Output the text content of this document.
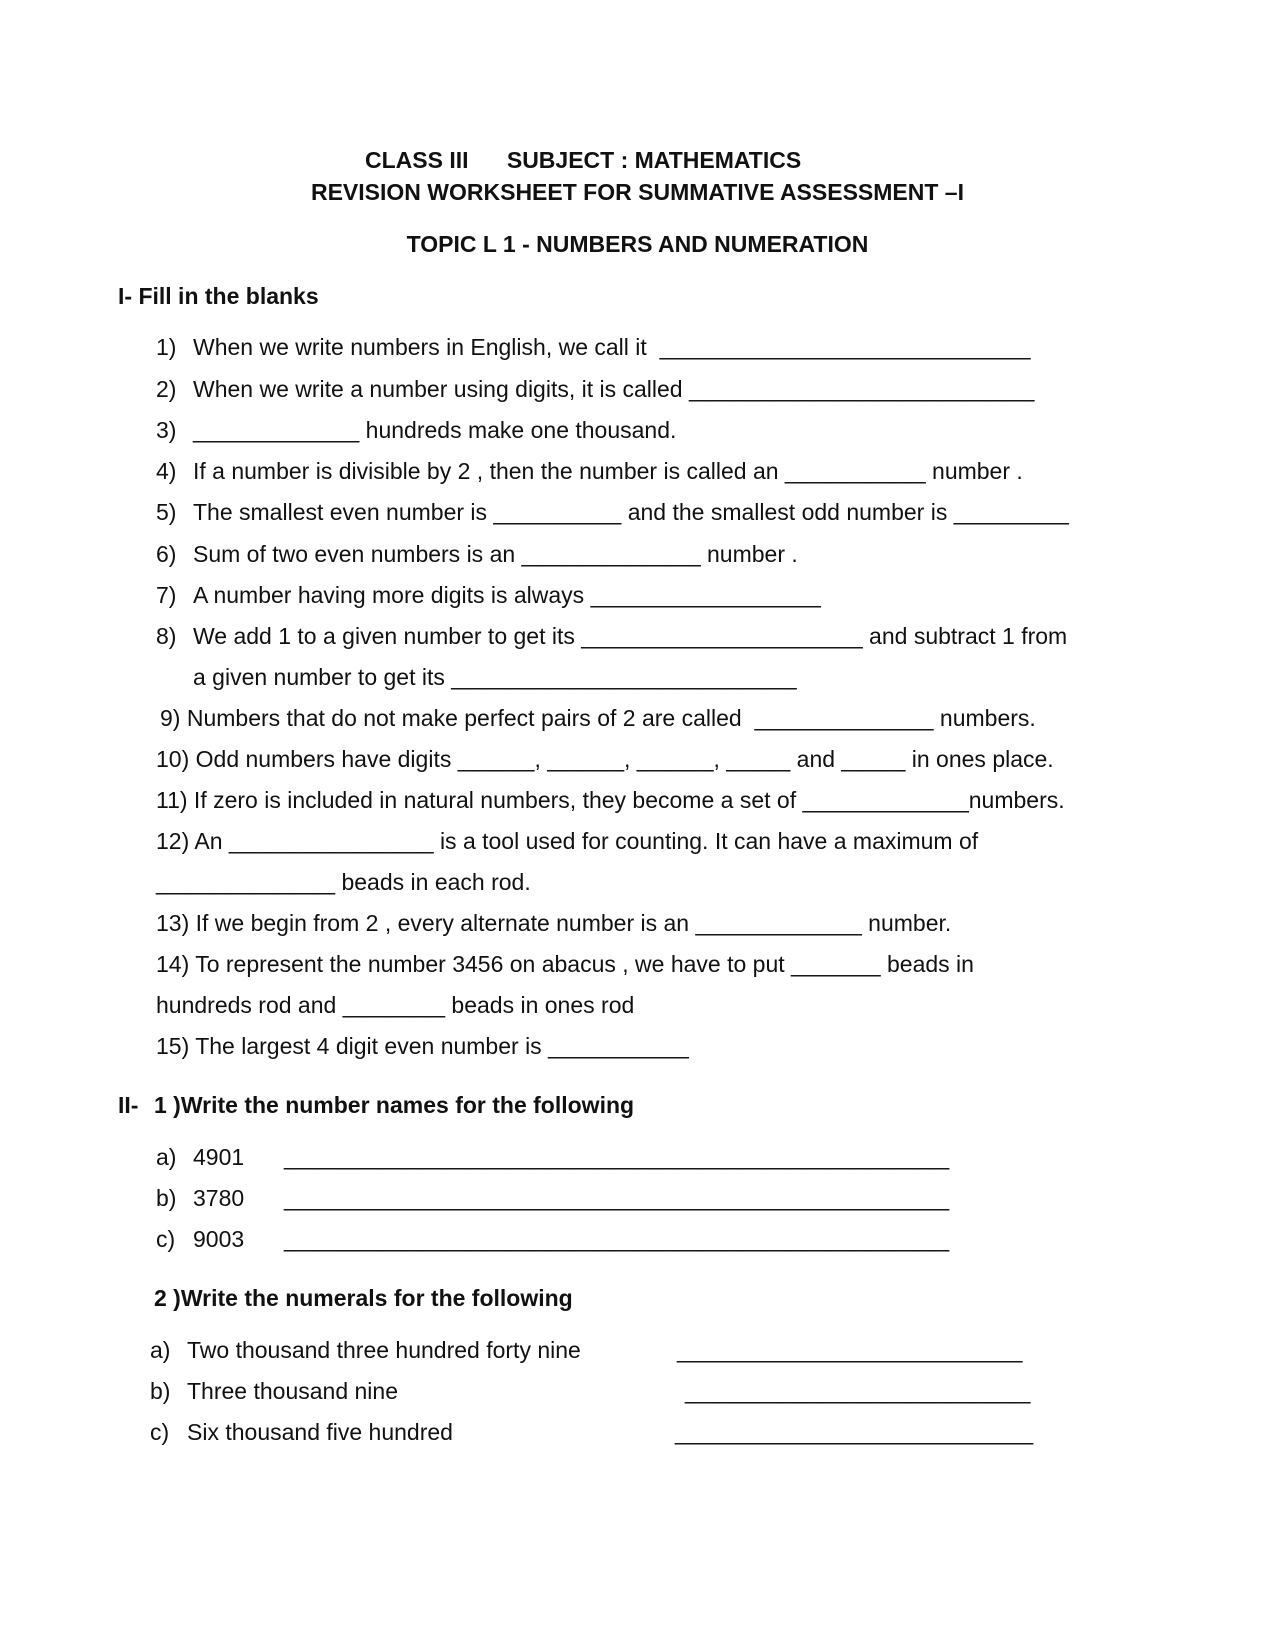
CLASS III      SUBJECT : MATHEMATICS
REVISION WORKSHEET FOR SUMMATIVE ASSESSMENT –I
TOPIC L 1 - NUMBERS AND NUMERATION
I- Fill in the blanks
1) When we write numbers in English, we call it  _____________________________
2) When we write a number using digits, it is called ___________________________
3) _____________ hundreds make one thousand.
4) If a number is divisible by 2 , then the number is called an ___________ number .
5) The smallest even number is __________ and the smallest odd number is _________
6) Sum of two even numbers is an ______________ number .
7) A number having more digits is always __________________
8) We add 1 to a given number to get its ______________________ and subtract 1 from
a given number to get its ___________________________
9) Numbers that do not make perfect pairs of 2 are called  ______________ numbers.
10) Odd numbers have digits ______, ______, ______, _____ and _____ in ones place.
11) If zero is included in natural numbers, they become a set of _____________numbers.
12) An ________________ is a tool used for counting. It can have a maximum of
______________ beads in each rod.
13) If we begin from 2 , every alternate number is an _____________ number.
14) To represent the number 3456 on abacus , we have to put _______ beads in
hundreds rod and ________ beads in ones rod
15) The largest 4 digit even number is ___________
II- 1 )Write the number names for the following
a) 4901 ____________________________________________________
b) 3780 ____________________________________________________
c) 9003 ____________________________________________________
2 )Write the numerals for the following
a) Two thousand three hundred forty nine	___________________________
b) Three thousand nine	___________________________
c) Six thousand five hundred	____________________________
